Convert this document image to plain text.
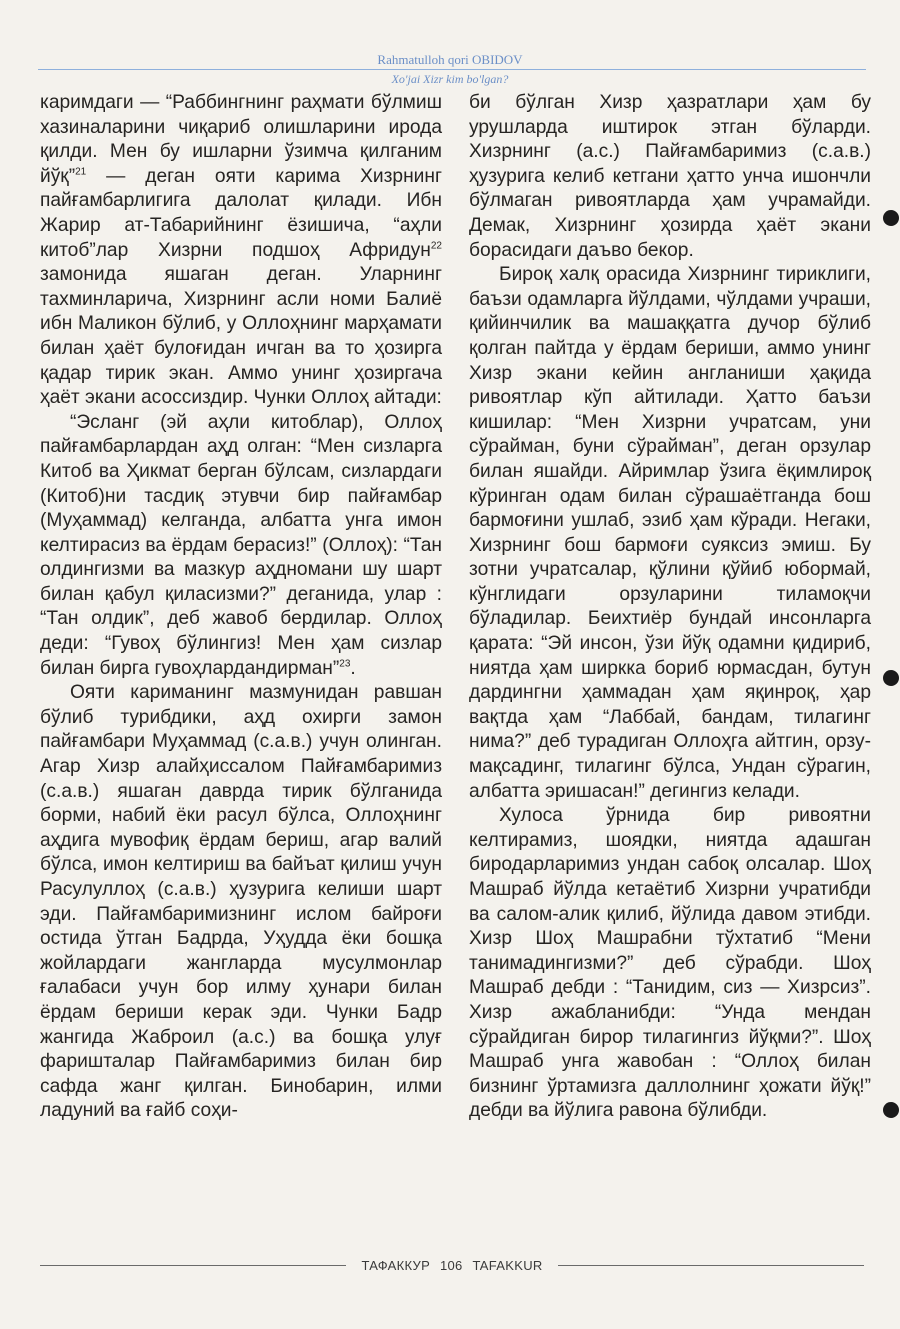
Rahmatulloh qori OBIDOV
Xo'jai Xizr kim bo'lgan?

каримдаги — “Раббингнинг раҳмати бўлмиш хазиналарини чиқариб олишларини ирода қилди. Мен бу ишларни ўзимча қилганим йўқ”$^{21}$ — деган ояти карима Хизрнинг пайғамбарлигига далолат қилади. Ибн Жарир ат-Табарийнинг ёзишича, “аҳли китоб”лар Хизрни подшоҳ Афридун$^{22}$ замонида яшаган деган. Уларнинг тахминларича, Хизрнинг асли номи Балиё ибн Маликон бўлиб, у Оллоҳнинг марҳамати билан ҳаёт булоғидан ичган ва то ҳозирга қадар тирик экан. Аммо унинг ҳозиргача ҳаёт экани асоссиздир. Чунки Оллоҳ айтади:

“Эсланг (эй аҳли китоблар), Оллоҳ пайғамбарлардан аҳд олган: “Мен сизларга Китоб ва Ҳикмат берган бўлсам, сизлардаги (Китоб)ни тасдиқ этувчи бир пайғамбар (Муҳаммад) келганда, албатта унга имон келтирасиз ва ёрдам берасиз!” (Оллоҳ): “Тан олдингизми ва мазкур аҳдномани шу шарт билан қабул қиласизми?” деганида, улар : “Тан олдик”, деб жавоб бердилар. Оллоҳ деди: “Гувоҳ бўлингиз! Мен ҳам сизлар билан бирга гувоҳлардандирман”$^{23}$.

Ояти кариманинг мазмунидан равшан бўлиб турибдики, аҳд охирги замон пайғамбари Муҳаммад (с.а.в.) учун олинган. Агар Хизр алайҳиссалом Пайғамбаримиз (с.а.в.) яшаган даврда тирик бўлганида борми, набий ёки расул бўлса, Оллоҳнинг аҳдига мувофиқ ёрдам бериш, агар валий бўлса, имон келтириш ва байъат қилиш учун Расулуллоҳ (с.а.в.) ҳузурига келиши шарт эди. Пайғамбаримизнинг ислом байроғи остида ўтган Бадрда, Уҳудда ёки бошқа жойлардаги жангларда мусулмонлар ғалабаси учун бор илму ҳунари билан ёрдам бериши керак эди. Чунки Бадр жангида Жаброил (а.с.) ва бошқа улуғ фаришталар Пайғамбаримиз билан бир сафда жанг қилган. Бинобарин, илми ладуний ва ғайб соҳи-

би бўлган Хизр ҳазратлари ҳам бу урушларда иштирок этган бўларди. Хизрнинг (а.с.) Пайғамбаримиз (с.а.в.) ҳузурига келиб кетгани ҳатто унча ишончли бўлмаган ривоятларда ҳам учрамайди. Демак, Хизрнинг ҳозирда ҳаёт экани борасидаги даъво бекор.

Бироқ халқ орасида Хизрнинг тириклиги, баъзи одамларга йўлдами, чўлдами учраши, қийинчилик ва машаққатга дучор бўлиб қолган пайтда у ёрдам бериши, аммо унинг Хизр экани кейин англаниши ҳақида ривоятлар кўп айтилади. Ҳатто баъзи кишилар: “Мен Хизрни учратсам, уни сўрайман, буни сўрайман”, деган орзулар билан яшайди. Айримлар ўзига ёқимлироқ кўринган одам билан сўрашаётганда бош бармоғини ушлаб, эзиб ҳам кўради. Негаки, Хизрнинг бош бармоғи суяксиз эмиш. Бу зотни учратсалар, қўлини қўйиб юбормай, кўнглидаги орзуларини тиламоқчи бўладилар. Беихтиёр бундай инсонларга қарата: “Эй инсон, ўзи йўқ одамни қидириб, ниятда ҳам ширкка бориб юрмасдан, бутун дардингни ҳаммадан ҳам яқинроқ, ҳар вақтда ҳам “Лаббай, бандам, тилагинг нима?” деб турадиган Оллоҳга айтгин, орзу-мақсадинг, тилагинг бўлса, Ундан сўрагин, албатта эришасан!” дегингиз келади.

Хулоса ўрнида бир ривоятни келтирамиз, шоядки, ниятда адашган биродарларимиз ундан сабоқ олсалар. Шоҳ Машраб йўлда кетаётиб Хизрни учратибди ва салом-алик қилиб, йўлида давом этибди. Хизр Шоҳ Машрабни тўхтатиб “Мени танимадингизми?” деб сўрабди. Шоҳ Машраб дебди : “Танидим, сиз — Хизрсиз”. Хизр ажабланибди: “Унда мендан сўрайдиган бирор тилагингиз йўқми?”. Шоҳ Машраб унга жавобан : “Оллоҳ билан бизнинг ўртамизга даллолнинг ҳожати йўқ!” дебди ва йўлига равона бўлибди.

ТАФАККУР 106 TAFAKKUR
